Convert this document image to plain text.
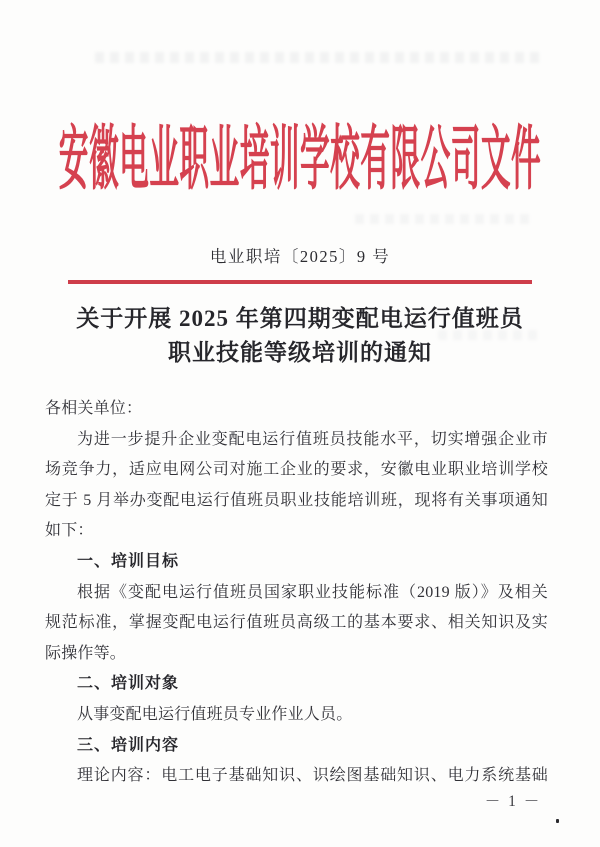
安徽电业职业培训学校有限公司文件
电业职培〔2025〕9 号
关于开展 2025 年第四期变配电运行值班员
职业技能等级培训的通知
各相关单位：
为进一步提升企业变配电运行值班员技能水平，切实增强企业市
场竞争力，适应电网公司对施工企业的要求，安徽电业职业培训学校
定于 5 月举办变配电运行值班员职业技能培训班，现将有关事项通知
如下：
一、培训目标
根据《变配电运行值班员国家职业技能标准（2019 版）》及相关
规范标准，掌握变配电运行值班员高级工的基本要求、相关知识及实
际操作等。
二、培训对象
从事变配电运行值班员专业作业人员。
三、培训内容
理论内容：电工电子基础知识、识绘图基础知识、电力系统基础
－ 1 －
